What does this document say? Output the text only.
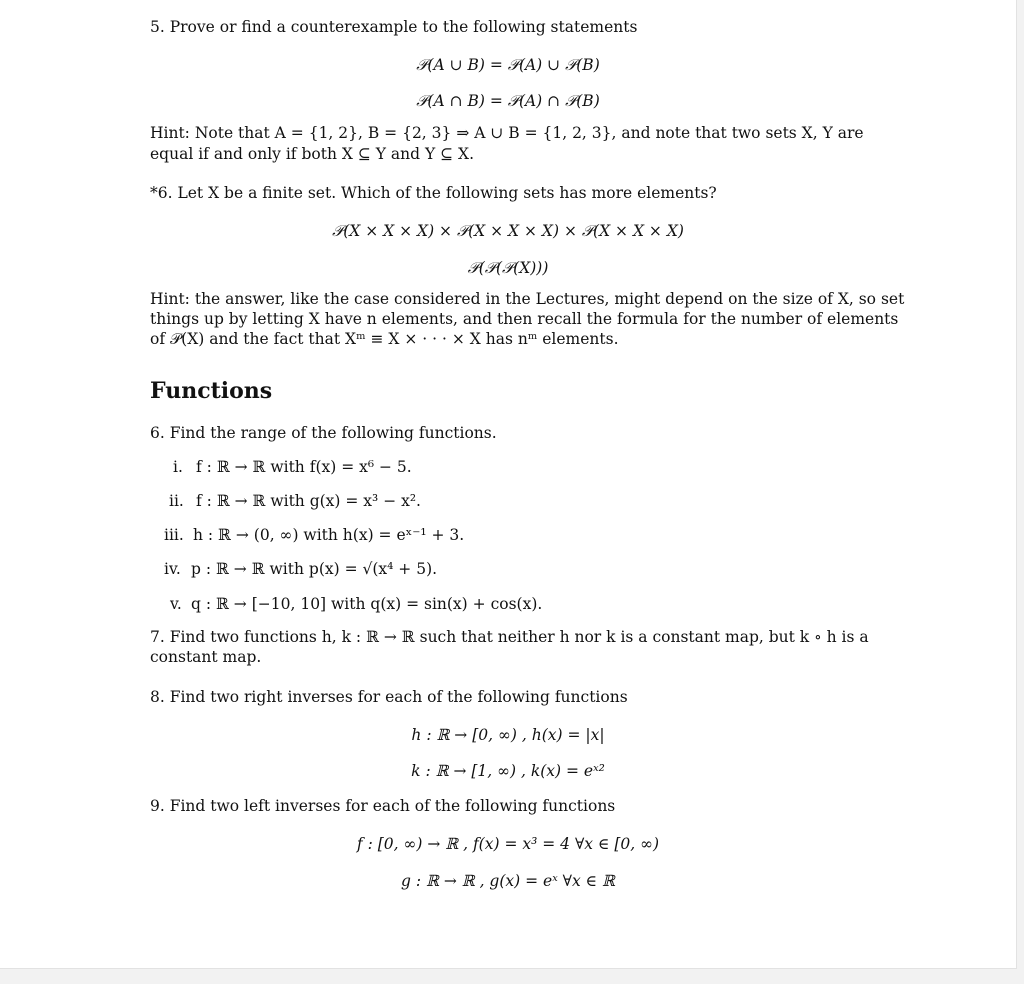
5. Prove or find a counterexample to the following statements
𝒫(A ∪ B) = 𝒫(A) ∪ 𝒫(B)
𝒫(A ∩ B) = 𝒫(A) ∩ 𝒫(B)
Hint: Note that A = {1, 2}, B = {2, 3} ⇒ A ∪ B = {1, 2, 3}, and note that two sets X, Y are
equal if and only if both X ⊆ Y and Y ⊆ X.
*6. Let X be a finite set. Which of the following sets has more elements?
𝒫(X × X × X) × 𝒫(X × X × X) × 𝒫(X × X × X)
𝒫(𝒫(𝒫(X)))
Hint: the answer, like the case considered in the Lectures, might depend on the size of X, so set
things up by letting X have n elements, and then recall the formula for the number of elements
of 𝒫(X) and the fact that Xᵐ ≡ X × · · · × X has nᵐ elements.
Functions
6. Find the range of the following functions.
i. f : ℝ → ℝ with f(x) = x⁶ − 5.
ii. f : ℝ → ℝ with g(x) = x³ − x².
iii. h : ℝ → (0, ∞) with h(x) = eˣ⁻¹ + 3.
iv. p : ℝ → ℝ with p(x) = √(x⁴ + 5).
v. q : ℝ → [−10, 10] with q(x) = sin(x) + cos(x).
7. Find two functions h, k : ℝ → ℝ such that neither h nor k is a constant map, but k ∘ h is a
constant map.
8. Find two right inverses for each of the following functions
h : ℝ → [0, ∞) , h(x) = |x|
k : ℝ → [1, ∞) , k(x) = eˣ²
9. Find two left inverses for each of the following functions
f : [0, ∞) → ℝ , f(x) = x³ = 4 ∀x ∈ [0, ∞)
g : ℝ → ℝ , g(x) = eˣ ∀x ∈ ℝ
